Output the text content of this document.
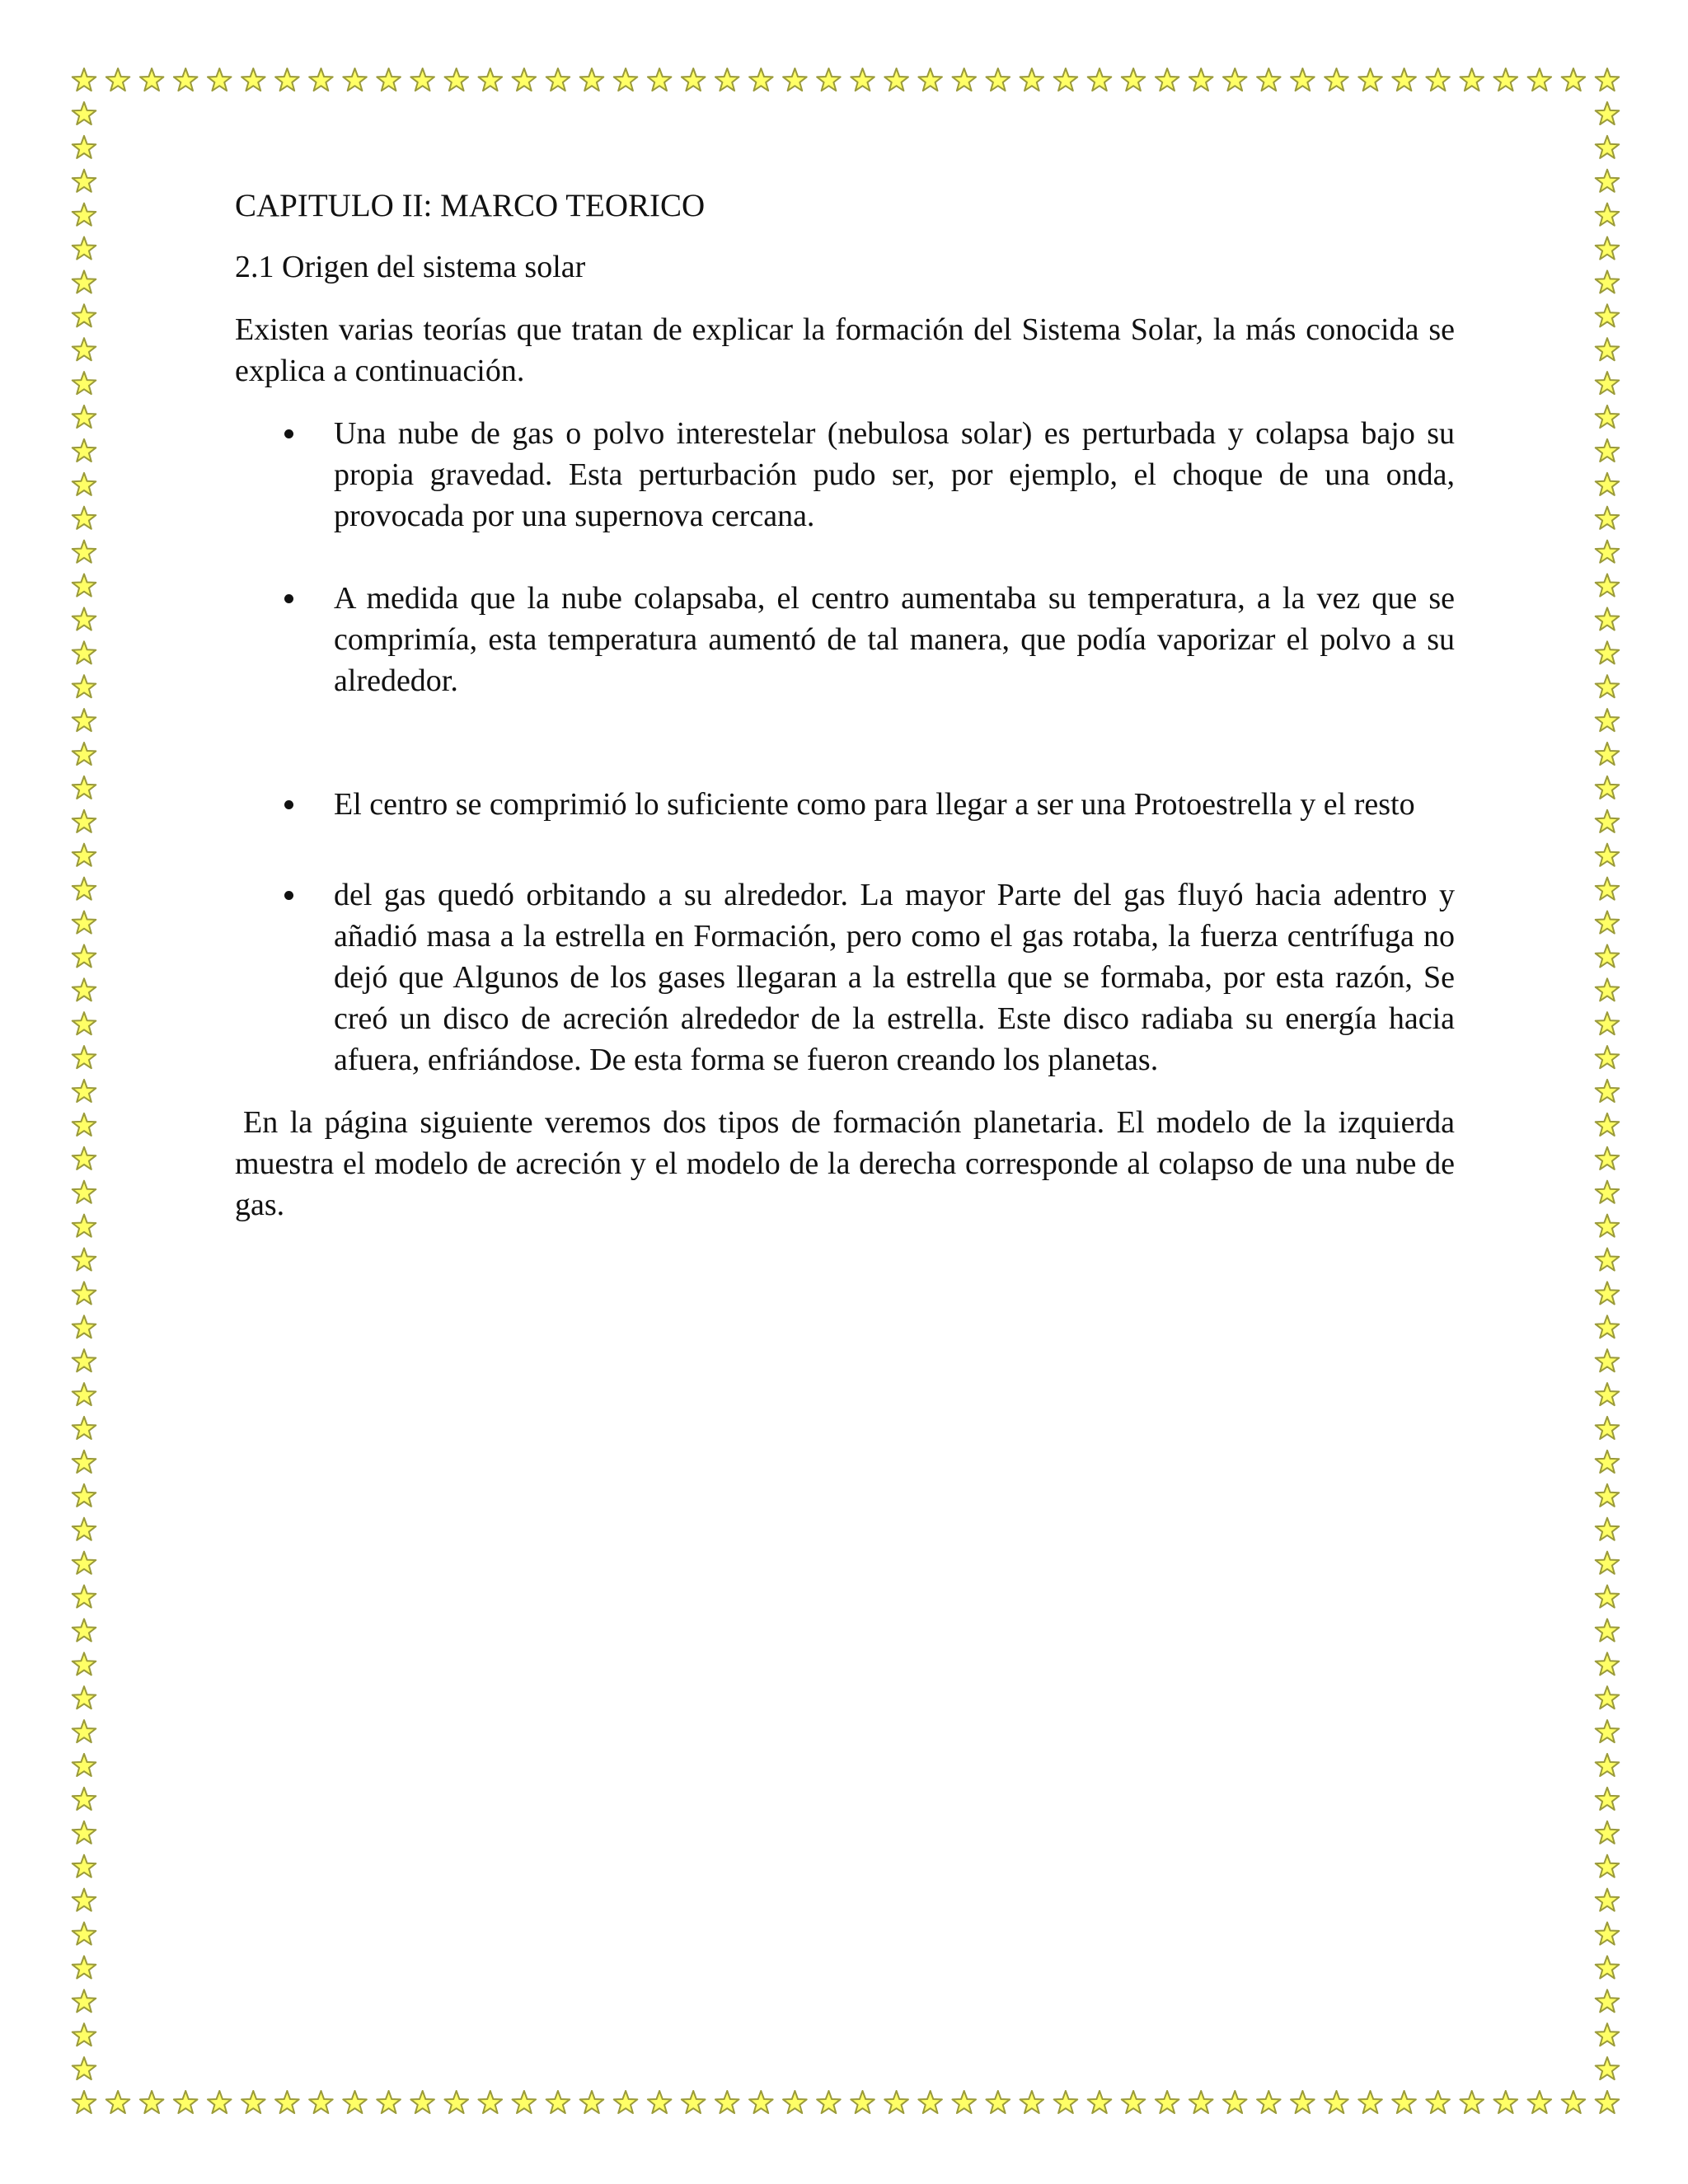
CAPITULO II: MARCO TEORICO

2.1 Origen del sistema solar

Existen varias teorías que tratan de explicar la formación del Sistema Solar, la más conocida se explica a continuación.

Una nube de gas o polvo interestelar (nebulosa solar) es perturbada y colapsa bajo su propia gravedad. Esta perturbación pudo ser, por ejemplo, el choque de una onda, provocada por una supernova cercana.
A medida que la nube colapsaba, el centro aumentaba su temperatura, a la vez que se comprimía, esta temperatura aumentó de tal manera, que podía vaporizar el polvo a su alrededor.
El centro se comprimió lo suficiente como para llegar a ser una Protoestrella y el resto
del gas quedó orbitando a su alrededor. La mayor Parte del gas fluyó hacia adentro y añadió masa a la estrella en Formación, pero como el gas rotaba, la fuerza centrífuga no dejó que Algunos de los gases llegaran a la estrella que se formaba, por esta razón, Se creó un disco de acreción alrededor de la estrella. Este disco radiaba su energía hacia afuera, enfriándose. De esta forma se fueron creando los planetas.

En la página siguiente veremos dos tipos de formación planetaria. El modelo de la izquierda muestra el modelo de acreción y el modelo de la derecha corresponde al colapso de una nube de gas.
